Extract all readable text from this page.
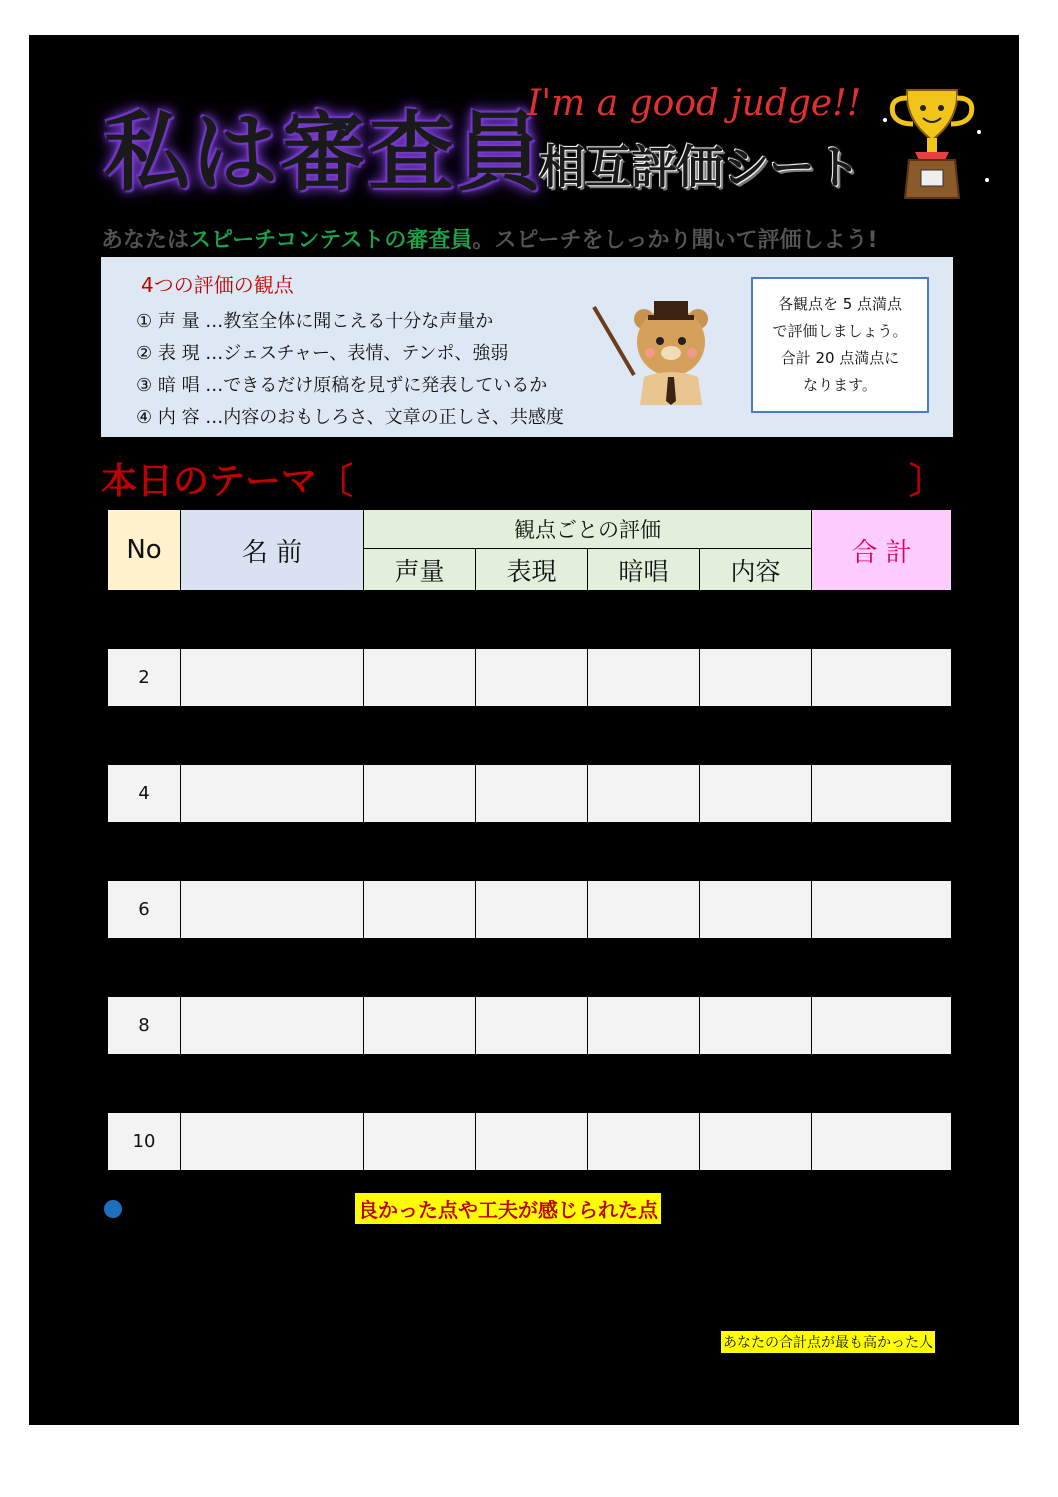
私は審査員
I'm a good judge!!
相互評価シート
あなたはスピーチコンテストの審査員。スピーチをしっかり聞いて評価しよう!
4つの評価の観点
① 声 量 …教室全体に聞こえる十分な声量か
② 表 現 …ジェスチャー、表情、テンポ、強弱
③ 暗 唱 …できるだけ原稿を見ずに発表しているか
④ 内 容 …内容のおもしろさ、文章の正しさ、共感度
各観点を 5 点満点
で評価しましょう。
合計 20 点満点に
なります。
本日のテーマ〔	〕
No	名 前	観点ごとの評価				合 計
		声量	表現	暗唱	内容	

2						

4						

6						

8						

10						
良かった点や工夫が感じられた点
あなたの合計点が最も高かった人
